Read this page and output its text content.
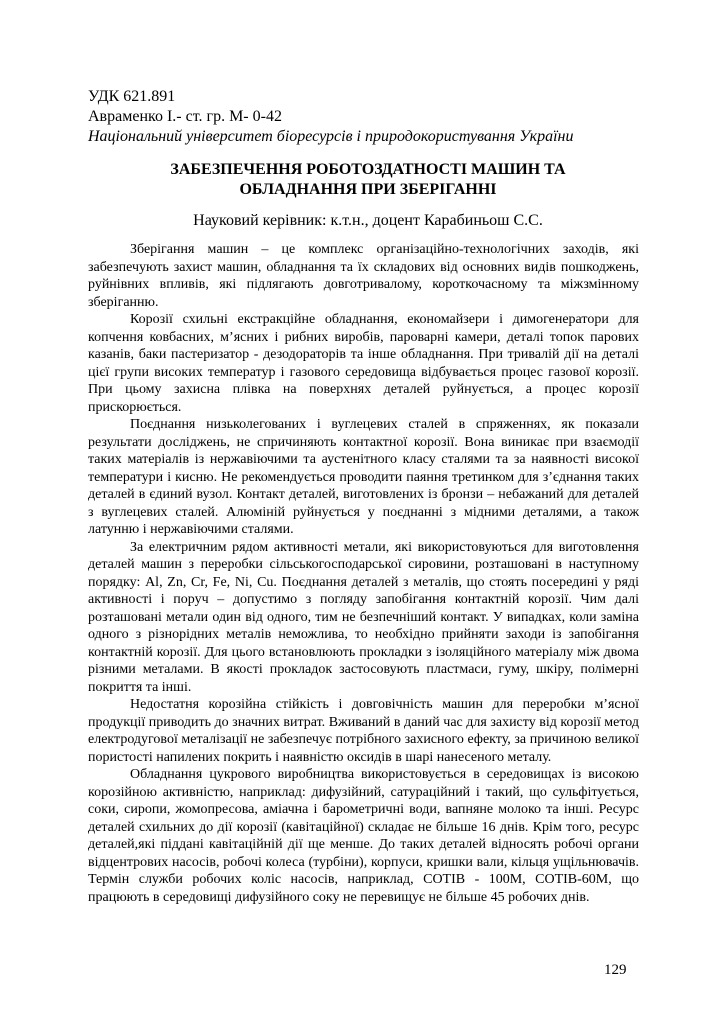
УДК 621.891
Авраменко І.- ст. гр. М- 0-42
Національний університет біоресурсів і природокористування України
ЗАБЕЗПЕЧЕННЯ РОБОТОЗДАТНОСТІ МАШИН ТА
ОБЛАДНАННЯ ПРИ ЗБЕРІГАННІ
Науковий керівник: к.т.н., доцент Карабиньош С.С.

Зберігання машин – це комплекс організаційно-технологічних заходів, які забезпечують захист машин, обладнання та їх складових від основних видів пошкоджень, руйнівних впливів, які підлягають довготривалому, короткочасному та міжзмінному зберіганню.

Корозії схильні екстракційне обладнання, економайзери і димогенератори для копчення ковбасних, м’ясних і рибних виробів, пароварні камери, деталі топок парових казанів, баки пастеризатор - дезодораторів та інше обладнання. При тривалій дії на деталі цієї групи високих температур і газового середовища відбувається процес газової корозії. При цьому захисна плівка на поверхнях деталей руйнується, а процес корозії прискорюється.

Поєднання низьколегованих і вуглецевих сталей в спряженнях, як показали результати досліджень, не спричиняють контактної корозії. Вона виникає при взаємодії таких матеріалів із нержавіючими та аустенітного класу сталями та за наявності високої температури і кисню. Не рекомендується проводити паяння третинком для з’єднання таких деталей в єдиний вузол. Контакт деталей, виготовлених із бронзи – небажаний для деталей з вуглецевих сталей. Алюміній руйнується у поєднанні з мідними деталями, а також латунню і нержавіючими сталями.

За електричним рядом активності метали, які використовуються для виготовлення деталей машин з переробки сільськогосподарської сировини, розташовані в наступному порядку: Al, Zn, Cr, Fe, Ni, Cu. Поєднання деталей з металів, що стоять посередині у ряді активності і поруч – допустимо з погляду запобігання контактній корозії. Чим далі розташовані метали один від одного, тим не безпечніший контакт. У випадках, коли заміна одного з різнорідних металів неможлива, то необхідно прийняти заходи із запобігання контактній корозії. Для цього встановлюють прокладки з ізоляційного матеріалу між двома різними металами. В якості прокладок застосовують пластмаси, гуму, шкіру, полімерні покриття та інші.

Недостатня корозійна стійкість і довговічність машин для переробки м’ясної продукції приводить до значних витрат. Вживаний в даний час для захисту від корозії метод електродугової металізації не забезпечує потрібного захисного ефекту, за причиною великої пористості напилених покрить і наявністю оксидів в шарі нанесеного металу.

Обладнання цукрового виробництва використовується в середовищах із високою корозійною активністю, наприклад: дифузійний, сатураційний і такий, що сульфітується, соки, сиропи, жомопресова, аміачна і барометричні води, вапняне молоко та інші. Ресурс деталей схильних до дії корозії (кавітаційної) складає не більше 16 днів. Крім того, ресурс деталей,які піддані кавітаційній дії ще менше. До таких деталей відносять робочі органи відцентрових насосів, робочі колеса (турбіни), корпуси, кришки вали, кільця ущільнювачів. Термін служби робочих коліс насосів, наприклад, СОТІВ - 100М, СОТІВ-60М, що працюють в середовищі дифузійного соку не перевищує не більше 45 робочих днів.

129
